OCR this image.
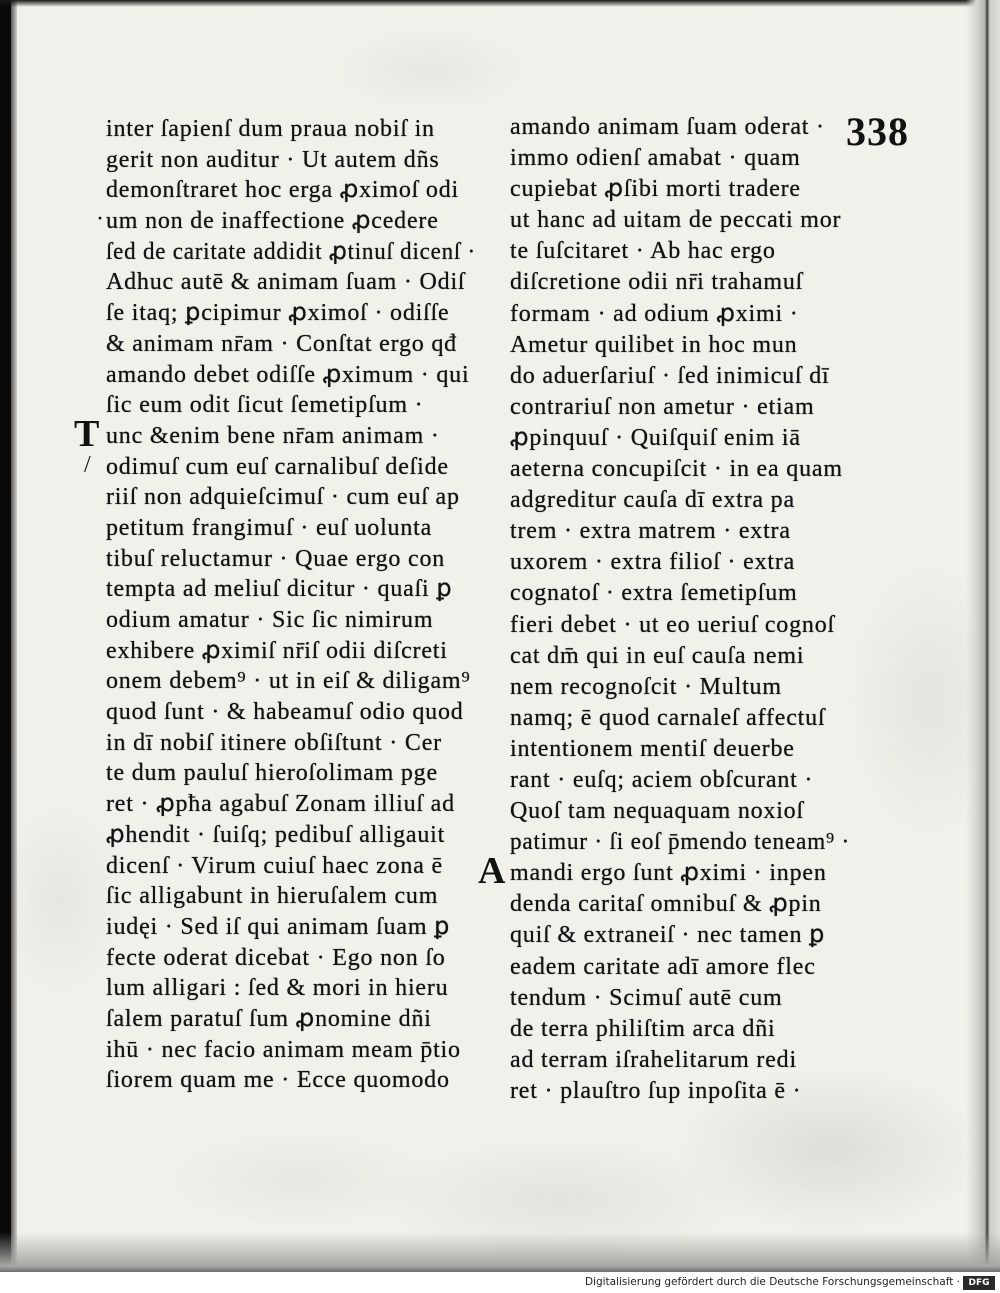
338
·
/
inter ſapienſ dum praua nobiſ in
gerit non auditur · Ut autem dñs
demonſtraret hoc erga ꝓximoſ odi
um non de inaffectione ꝓcedere
ſed de caritate addidit ꝓtinuſ dicenſ ·
Adhuc autē & animam ſuam · Odiſ
ſe itaq; ꝑcipimur ꝓximoſ · odiſſe
& animam nr̄am · Conſtat ergo qđ
amando debet odiſſe ꝓximum · qui
ſic eum odit ſicut ſemetipſum ·
T unc &enim bene nr̄am animam ·
odimuſ cum euſ carnalibuſ deſide
riiſ non adquieſcimuſ · cum euſ ap
petitum frangimuſ · euſ uolunta
tibuſ reluctamur · Quae ergo con
tempta ad meliuſ dicitur · quaſi ꝑ
odium amatur · Sic ſic nimirum
exhibere ꝓximiſ nr̄iſ odii diſcreti
onem debem⁹ · ut in eiſ & diligam⁹
quod ſunt · & habeamuſ odio quod
in dī nobiſ itinere obſiſtunt · Cer
te dum pauluſ hieroſolimam pge
ret · ꝓpħa agabuſ Zonam illiuſ ad
ꝓhendit · ſuiſq; pedibuſ alligauit
dicenſ · Virum cuiuſ haec zona ē
ſic alligabunt in hieruſalem cum
iudęi · Sed iſ qui animam ſuam ꝑ
fecte oderat dicebat · Ego non ſo
lum alligari : ſed & mori in hieru
ſalem paratuſ ſum ꝓnomine dñi
ihū · nec facio animam meam p̄tio
ſiorem quam me · Ecce quomodo
amando animam ſuam oderat ·
immo odienſ amabat · quam
cupiebat ꝓſibi morti tradere
ut hanc ad uitam de peccati mor
te ſuſcitaret · Ab hac ergo
diſcretione odii nr̄i trahamuſ
formam · ad odium ꝓximi ·
Ametur quilibet in hoc mun
do aduerſariuſ · ſed inimicuſ dī
contrariuſ non ametur · etiam
ꝓpinquuſ · Quiſquiſ enim iā
aeterna concupiſcit · in ea quam
adgreditur cauſa dī extra pa
trem · extra matrem · extra
uxorem · extra filioſ · extra
cognatoſ · extra ſemetipſum
fieri debet · ut eo ueriuſ cognoſ
cat dm̄ qui in euſ cauſa nemi
nem recognoſcit · Multum
namq; ē quod carnaleſ affectuſ
intentionem mentiſ deuerbe
rant · euſq; aciem obſcurant ·
Quoſ tam nequaquam noxioſ
patimur · ſi eoſ p̄mendo teneam⁹ ·
A mandi ergo ſunt ꝓximi · inpen
denda caritaſ omnibuſ & ꝓpin
quiſ & extraneiſ · nec tamen ꝑ
eadem caritate adī amore flec
tendum · Scimuſ autē cum
de terra philiſtim arca dñi
ad terram iſrahelitarum redi
ret · plauſtro ſup inpoſita ē ·
Digitalisierung gefördert durch die Deutsche Forschungsgemeinschaft · DFG
